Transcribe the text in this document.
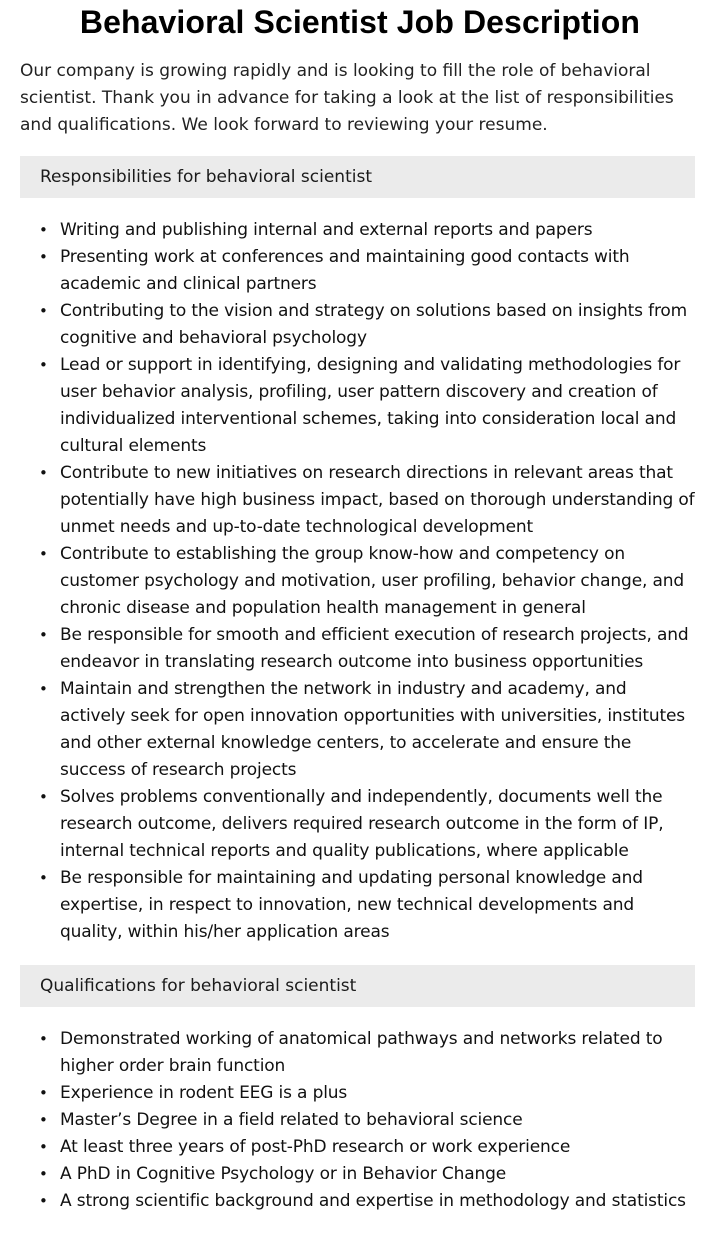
Behavioral Scientist Job Description

Our company is growing rapidly and is looking to fill the role of behavioral scientist. Thank you in advance for taking a look at the list of responsibilities and qualifications. We look forward to reviewing your resume.

Responsibilities for behavioral scientist
• Writing and publishing internal and external reports and papers
• Presenting work at conferences and maintaining good contacts with academic and clinical partners
• Contributing to the vision and strategy on solutions based on insights from cognitive and behavioral psychology
• Lead or support in identifying, designing and validating methodologies for user behavior analysis, profiling, user pattern discovery and creation of individualized interventional schemes, taking into consideration local and cultural elements
• Contribute to new initiatives on research directions in relevant areas that potentially have high business impact, based on thorough understanding of unmet needs and up-to-date technological development
• Contribute to establishing the group know-how and competency on customer psychology and motivation, user profiling, behavior change, and chronic disease and population health management in general
• Be responsible for smooth and efficient execution of research projects, and endeavor in translating research outcome into business opportunities
• Maintain and strengthen the network in industry and academy, and actively seek for open innovation opportunities with universities, institutes and other external knowledge centers, to accelerate and ensure the success of research projects
• Solves problems conventionally and independently, documents well the research outcome, delivers required research outcome in the form of IP, internal technical reports and quality publications, where applicable
• Be responsible for maintaining and updating personal knowledge and expertise, in respect to innovation, new technical developments and quality, within his/her application areas
Qualifications for behavioral scientist
• Demonstrated working of anatomical pathways and networks related to higher order brain function
• Experience in rodent EEG is a plus
• Master’s Degree in a field related to behavioral science
• At least three years of post-PhD research or work experience
• A PhD in Cognitive Psychology or in Behavior Change
• A strong scientific background and expertise in methodology and statistics
